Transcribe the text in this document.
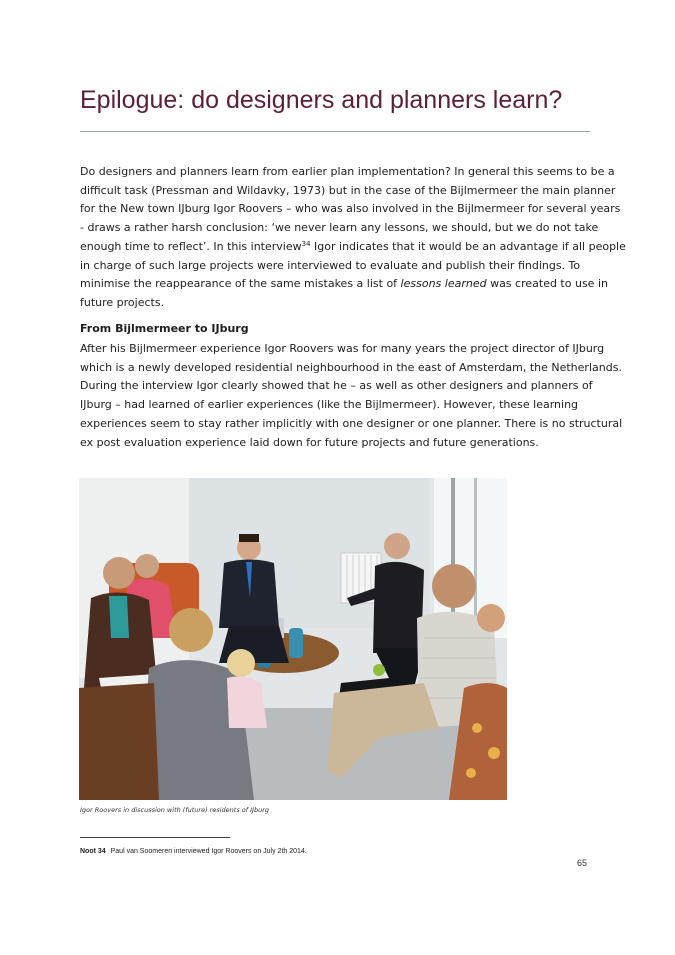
Epilogue: do designers and planners learn?
Do designers and planners learn from earlier plan implementation? In general this seems to be a
difficult task (Pressman and Wildavky, 1973) but in the case of the Bijlmermeer the main planner
for the New town IJburg Igor Roovers – who was also involved in the Bijlmermeer for several years
- draws a rather harsh conclusion: ‘we never learn any lessons, we should, but we do not take
enough time to reflect’. In this interview$^{34}$ Igor indicates that it would be an advantage if all people
in charge of such large projects were interviewed to evaluate and publish their findings. To
minimise the reappearance of the same mistakes a list of lessons learned was created to use in
future projects.
From Bijlmermeer to IJburg
After his Bijlmermeer experience Igor Roovers was for many years the project director of IJburg
which is a newly developed residential neighbourhood in the east of Amsterdam, the Netherlands.
During the interview Igor clearly showed that he – as well as other designers and planners of
IJburg – had learned of earlier experiences (like the Bijlmermeer). However, these learning
experiences seem to stay rather implicitly with one designer or one planner. There is no structural
ex post evaluation experience laid down for future projects and future generations.
Igor Roovers in discussion with (future) residents of IJburg
Noot 34 Paul van Soomeren interviewed Igor Roovers on July 2th 2014.
65
